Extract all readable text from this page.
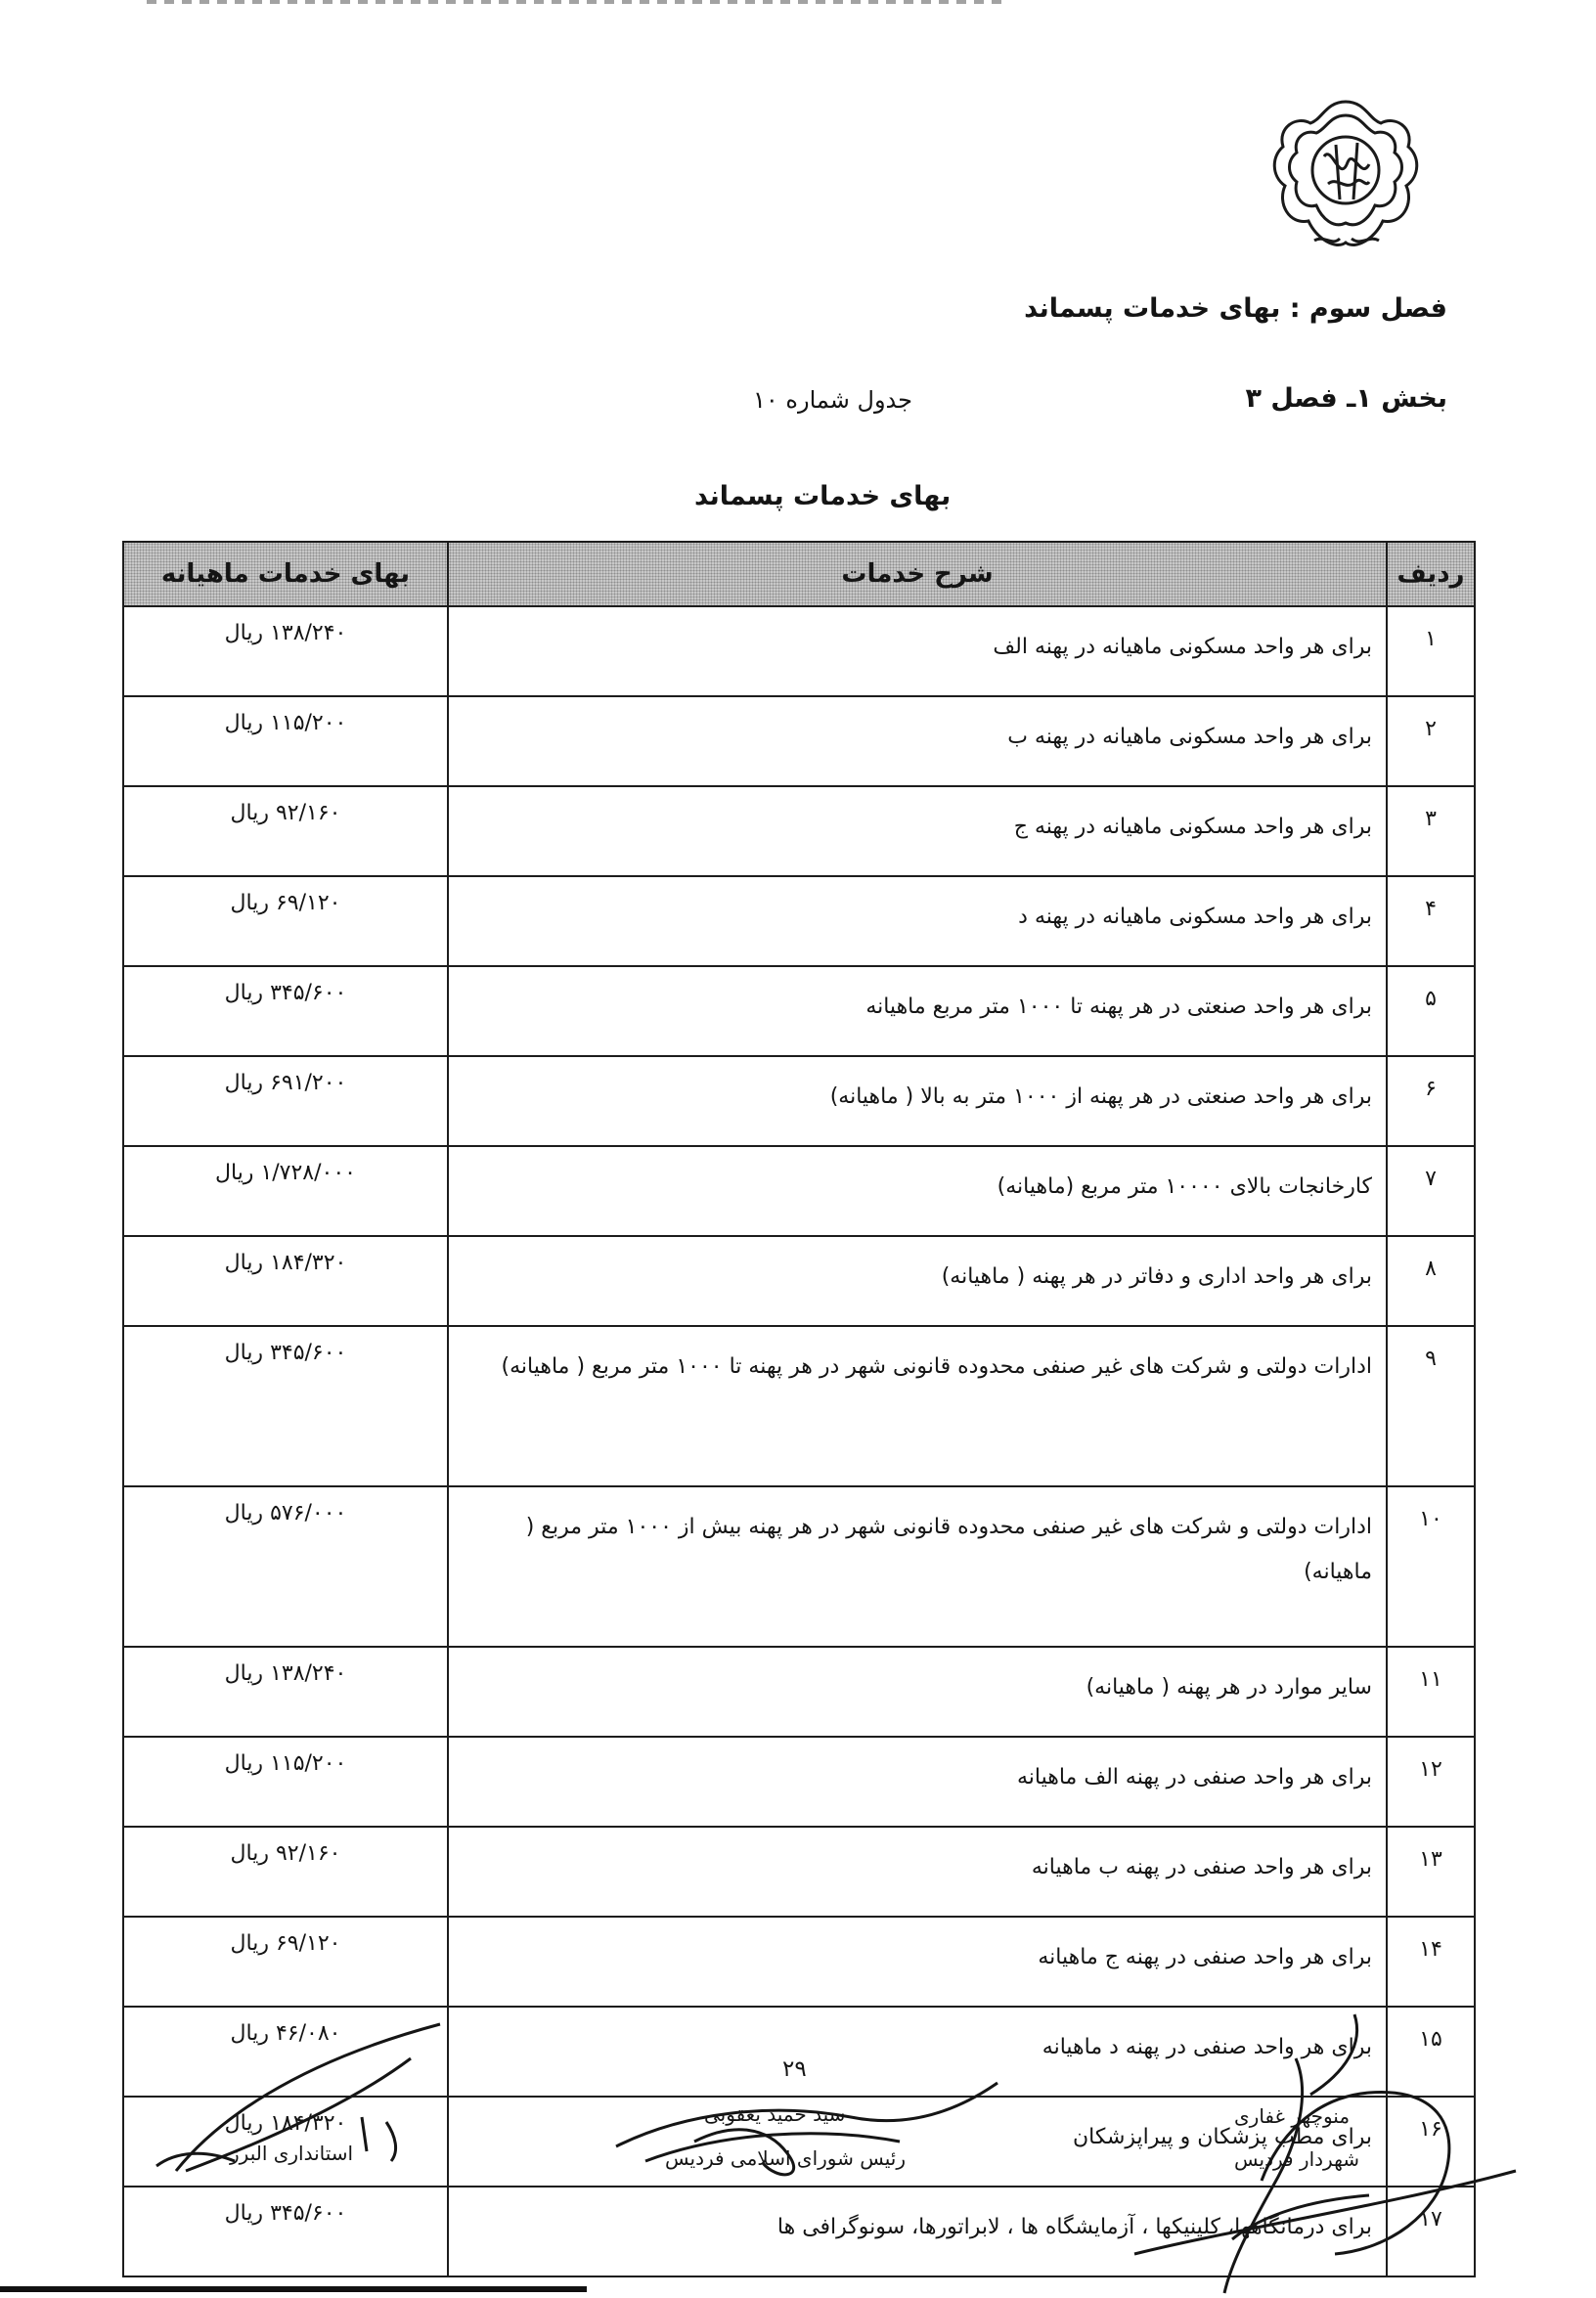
فصل سوم : بهای خدمات پسماند
بخش ۱ـ فصل ۳
جدول شماره ۱۰
بهای خدمات پسماند
ردیف	شرح خدمات	بهای خدمات ماهیانه
۱	برای هر واحد مسکونی ماهیانه در پهنه الف	۱۳۸/۲۴۰ ریال
۲	برای هر واحد مسکونی ماهیانه در پهنه ب	۱۱۵/۲۰۰ ریال
۳	برای هر واحد مسکونی ماهیانه در پهنه ج	۹۲/۱۶۰ ریال
۴	برای هر واحد مسکونی ماهیانه در پهنه د	۶۹/۱۲۰ ریال
۵	برای هر واحد صنعتی در هر پهنه تا ۱۰۰۰ متر مربع ماهیانه	۳۴۵/۶۰۰ ریال
۶	برای هر واحد صنعتی در هر پهنه از ۱۰۰۰ متر به بالا ( ماهیانه)	۶۹۱/۲۰۰ ریال
۷	کارخانجات بالای ۱۰۰۰۰ متر مربع (ماهیانه)	۱/۷۲۸/۰۰۰ ریال
۸	برای هر واحد اداری و دفاتر در هر پهنه ( ماهیانه)	۱۸۴/۳۲۰ ریال
۹	ادارات دولتی و شرکت های غیر صنفی محدوده قانونی شهر در هر پهنه تا ۱۰۰۰ متر مربع ( ماهیانه)	۳۴۵/۶۰۰ ریال
۱۰	ادارات دولتی و شرکت های غیر صنفی محدوده قانونی شهر در هر پهنه بیش از ۱۰۰۰ متر مربع ( ماهیانه)	۵۷۶/۰۰۰ ریال
۱۱	سایر موارد در هر پهنه ( ماهیانه)	۱۳۸/۲۴۰ ریال
۱۲	برای هر واحد صنفی در پهنه الف ماهیانه	۱۱۵/۲۰۰ ریال
۱۳	برای هر واحد صنفی در پهنه ب ماهیانه	۹۲/۱۶۰ ریال
۱۴	برای هر واحد صنفی در پهنه ج ماهیانه	۶۹/۱۲۰ ریال
۱۵	برای هر واحد صنفی در پهنه د ماهیانه	۴۶/۰۸۰ ریال
۱۶	برای مطب پزشکان و پیراپزشکان	۱۸۴/۳۲۰ ریال
۱۷	برای درمانگاهها، کلینیکها ، آزمایشگاه ها ، لابراتورها، سونوگرافی ها	۳۴۵/۶۰۰ ریال
۲۹
سید حمید یعقوبی
رئیس شورای اسلامی فردیس
منوچهر غفاری
شهردار فردیس
استانداری البرز
